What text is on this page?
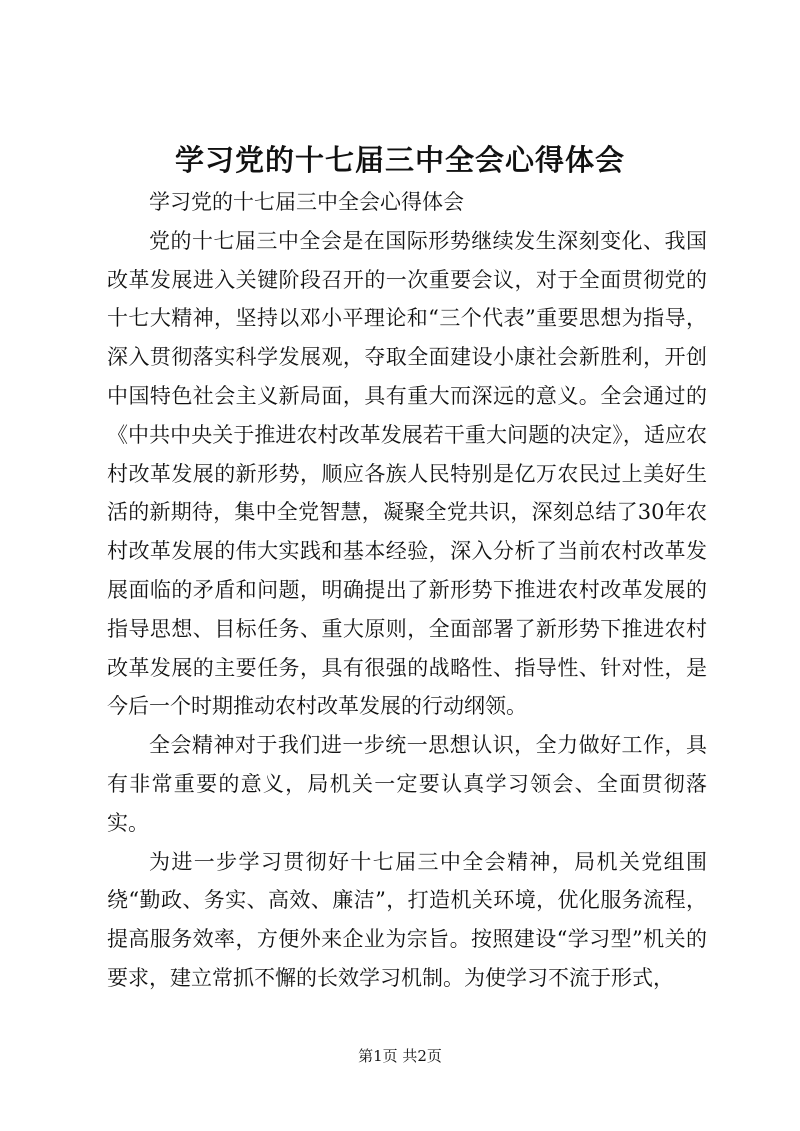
学习党的十七届三中全会心得体会

学习党的十七届三中全会心得体会

党的十七届三中全会是在国际形势继续发生深刻变化、我国改革发展进入关键阶段召开的一次重要会议，对于全面贯彻党的十七大精神，坚持以邓小平理论和“三个代表”重要思想为指导，深入贯彻落实科学发展观，夺取全面建设小康社会新胜利，开创中国特色社会主义新局面，具有重大而深远的意义。全会通过的《中共中央关于推进农村改革发展若干重大问题的决定》，适应农村改革发展的新形势，顺应各族人民特别是亿万农民过上美好生活的新期待，集中全党智慧，凝聚全党共识，深刻总结了30年农村改革发展的伟大实践和基本经验，深入分析了当前农村改革发展面临的矛盾和问题，明确提出了新形势下推进农村改革发展的指导思想、目标任务、重大原则，全面部署了新形势下推进农村改革发展的主要任务，具有很强的战略性、指导性、针对性，是今后一个时期推动农村改革发展的行动纲领。

全会精神对于我们进一步统一思想认识，全力做好工作，具有非常重要的意义，局机关一定要认真学习领会、全面贯彻落实。

为进一步学习贯彻好十七届三中全会精神，局机关党组围绕“勤政、务实、高效、廉洁”，打造机关环境，优化服务流程，提高服务效率，方便外来企业为宗旨。按照建设“学习型”机关的要求，建立常抓不懈的长效学习机制。为使学习不流于形式，

第1页 共2页
